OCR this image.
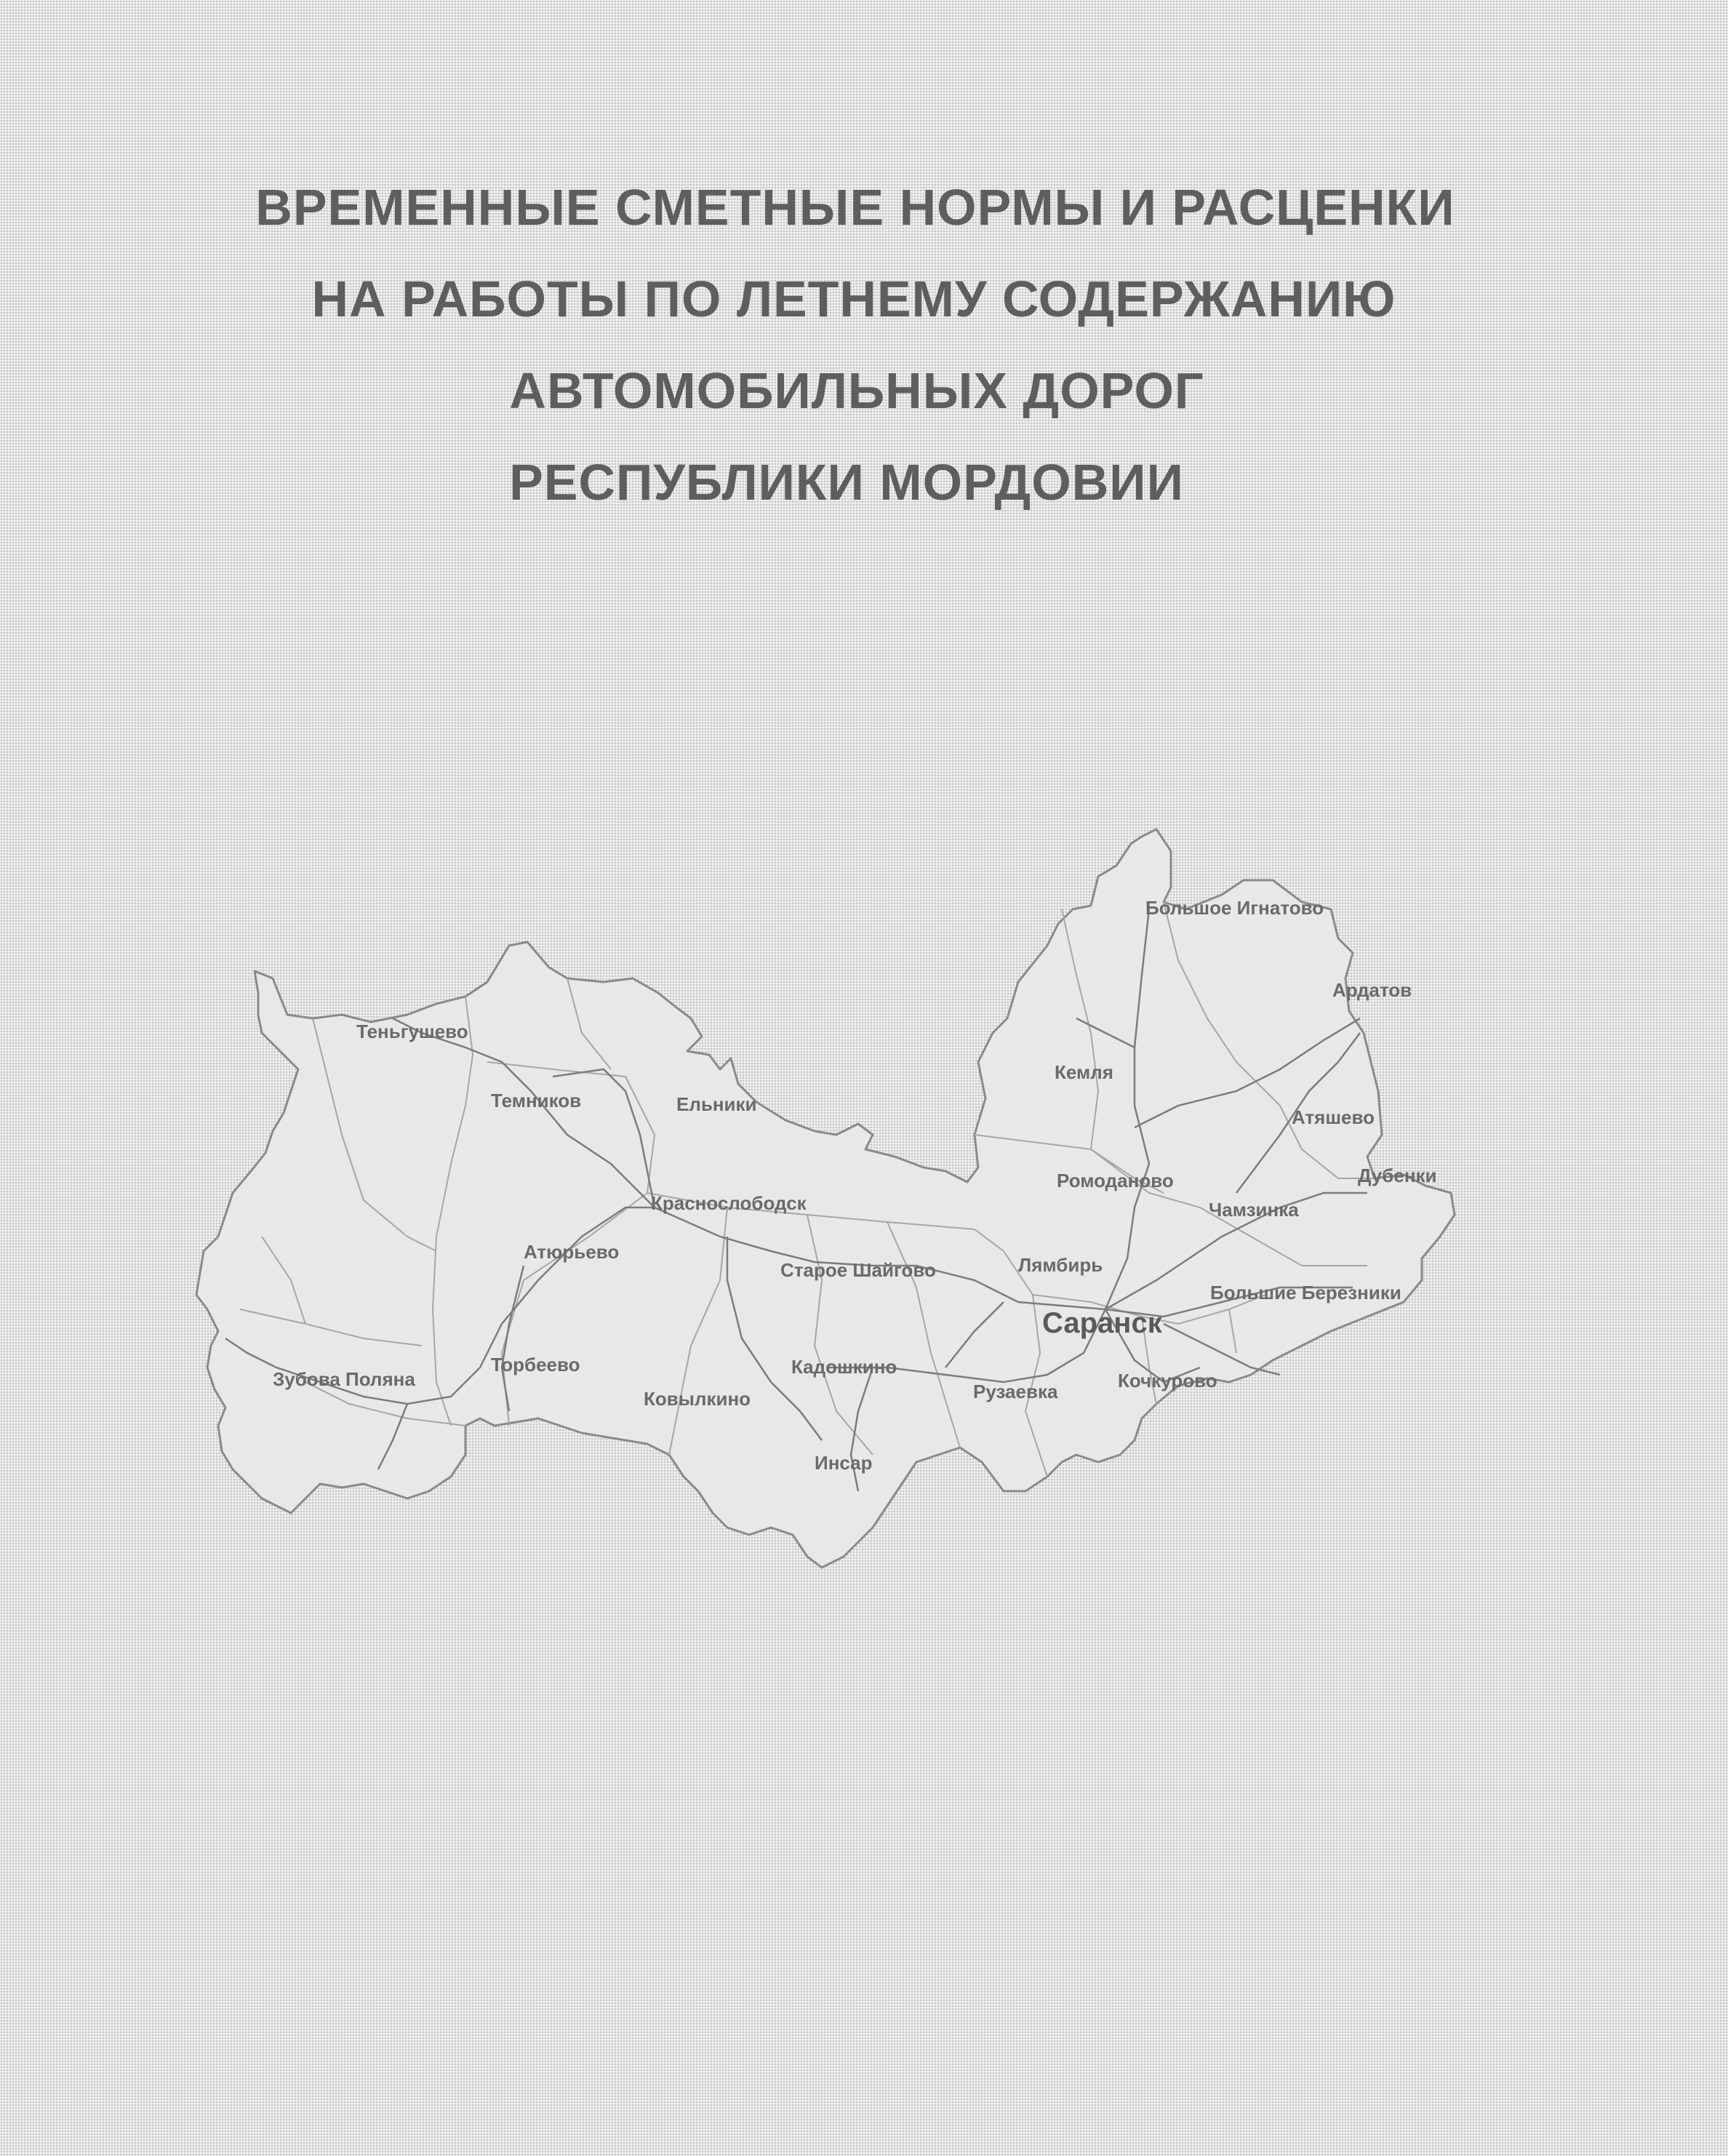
ВРЕМЕННЫЕ СМЕТНЫЕ НОРМЫ И РАСЦЕНКИ
НА РАБОТЫ ПО ЛЕТНЕМУ СОДЕРЖАНИЮ
АВТОМОБИЛЬНЫХ ДОРОГ
РЕСПУБЛИКИ МОРДОВИИ
Большое Игнатово
Ардатов
Теньгушево
Кемля
Темников	Ельники
Атяшево
Дубенки
Ромоданово
Чамзинка
Краснослободск
Атюрьево
Старое Шайгово	Лямбирь
Большие Березники
Саранск
Зубова Поляна
Торбеево	Кадошкино
Ковылкино	Рузаевка	Кочкурово
Инсар
